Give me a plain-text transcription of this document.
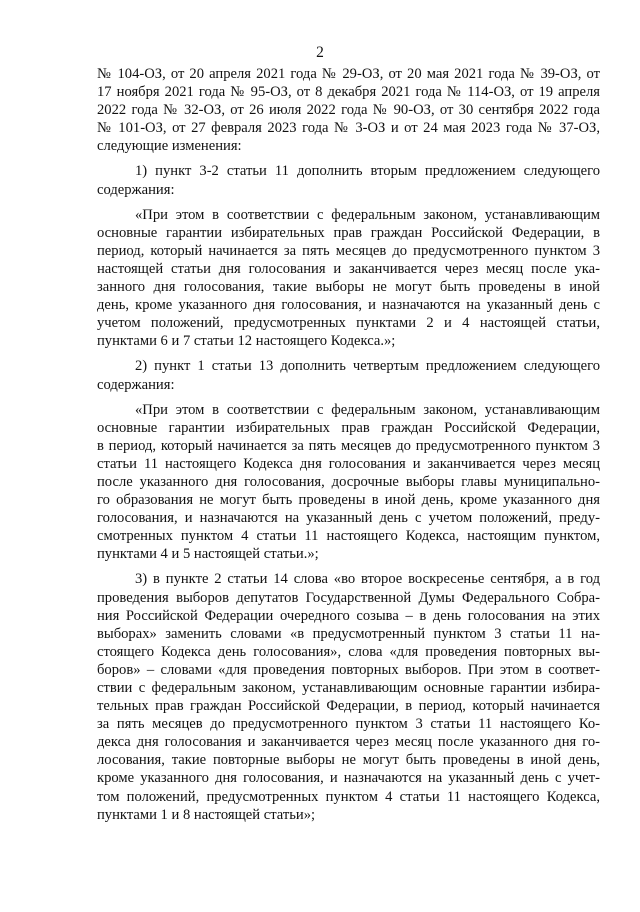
2
№ 104-ОЗ, от 20 апреля 2021 года № 29-ОЗ, от 20 мая 2021 года № 39-ОЗ, от
17 ноября 2021 года № 95-ОЗ, от 8 декабря 2021 года № 114-ОЗ, от 19 апреля
2022 года № 32-ОЗ, от 26 июля 2022 года № 90-ОЗ, от 30 сентября 2022 года
№ 101-ОЗ, от 27 февраля 2023 года № 3-ОЗ и от 24 мая 2023 года № 37-ОЗ,
следующие изменения:
1) пункт 3-2 статьи 11 дополнить вторым предложением следующего
содержания:
«При этом в соответствии с федеральным законом, устанавливающим
основные гарантии избирательных прав граждан Российской Федерации, в
период, который начинается за пять месяцев до предусмотренного пунктом 3
настоящей статьи дня голосования и заканчивается через месяц после ука-
занного дня голосования, такие выборы не могут быть проведены в иной
день, кроме указанного дня голосования, и назначаются на указанный день с
учетом положений, предусмотренных пунктами 2 и 4 настоящей статьи,
пунктами 6 и 7 статьи 12 настоящего Кодекса.»;
2) пункт 1 статьи 13 дополнить четвертым предложением следующего
содержания:
«При этом в соответствии с федеральным законом, устанавливающим
основные гарантии избирательных прав граждан Российской Федерации,
в период, который начинается за пять месяцев до предусмотренного пунктом 3
статьи 11 настоящего Кодекса дня голосования и заканчивается через месяц
после указанного дня голосования, досрочные выборы главы муниципально-
го образования не могут быть проведены в иной день, кроме указанного дня
голосования, и назначаются на указанный день с учетом положений, преду-
смотренных пунктом 4 статьи 11 настоящего Кодекса, настоящим пунктом,
пунктами 4 и 5 настоящей статьи.»;
3) в пункте 2 статьи 14 слова «во второе воскресенье сентября, а в год
проведения выборов депутатов Государственной Думы Федерального Собра-
ния Российской Федерации очередного созыва – в день голосования на этих
выборах» заменить словами «в предусмотренный пунктом 3 статьи 11 на-
стоящего Кодекса день голосования», слова «для проведения повторных вы-
боров» – словами «для проведения повторных выборов. При этом в соответ-
ствии с федеральным законом, устанавливающим основные гарантии избира-
тельных прав граждан Российской Федерации, в период, который начинается
за пять месяцев до предусмотренного пунктом 3 статьи 11 настоящего Ко-
декса дня голосования и заканчивается через месяц после указанного дня го-
лосования, такие повторные выборы не могут быть проведены в иной день,
кроме указанного дня голосования, и назначаются на указанный день с учет-
том положений, предусмотренных пунктом 4 статьи 11 настоящего Кодекса,
пунктами 1 и 8 настоящей статьи»;
